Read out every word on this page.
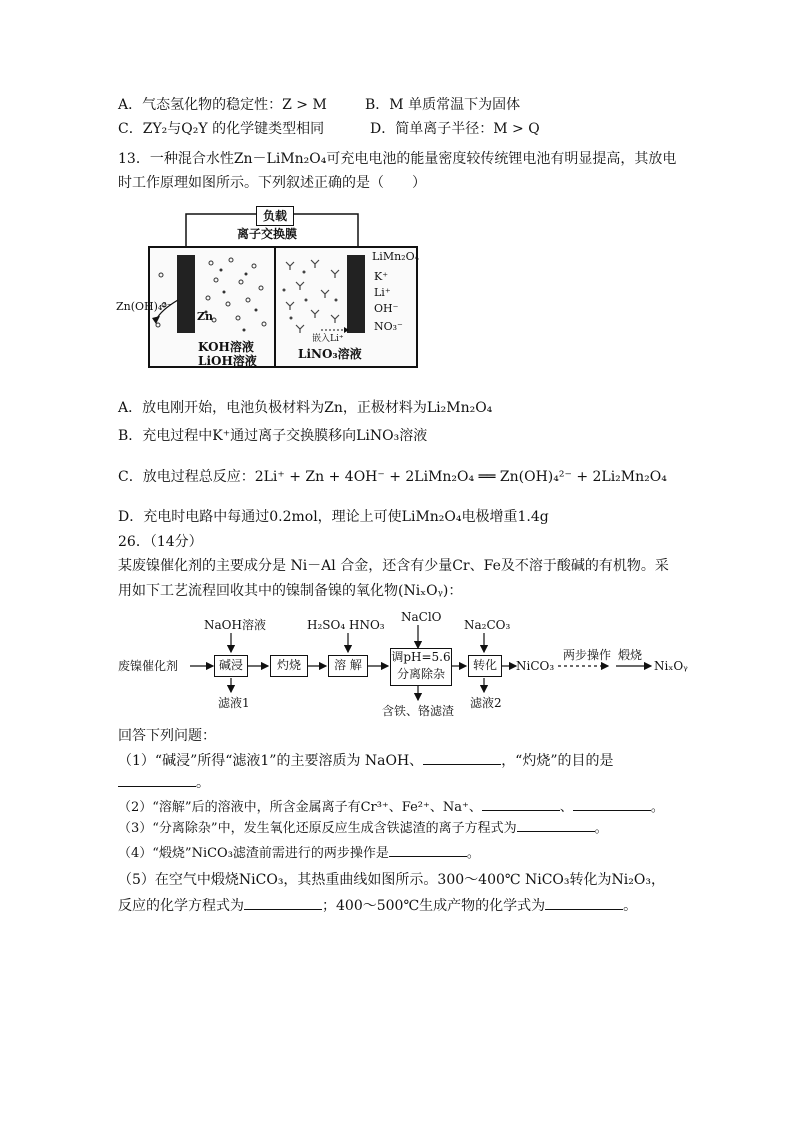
A．气态氢化物的稳定性：Z > M	B．M 单质常温下为固体
C．ZY₂与Q₂Y 的化学键类型相同	D．简单离子半径：M > Q
13．一种混合水性Zn－LiMn₂O₄可充电电池的能量密度较传统锂电池有明显提高，其放电
时工作原理如图所示。下列叙述正确的是（　　）
负载
离子交换膜
Zn
Zn(OH)₄²⁻
LiMn₂O₄
K⁺
Li⁺
OH⁻
NO₃⁻
嵌入Li⁺
KOH溶液
LiOH溶液	LiNO₃溶液
A．放电刚开始，电池负极材料为Zn，正极材料为Li₂Mn₂O₄
B．充电过程中K⁺通过离子交换膜移向LiNO₃溶液
C．放电过程总反应：2Li⁺ + Zn + 4OH⁻ + 2LiMn₂O₄ ══ Zn(OH)₄²⁻ + 2Li₂Mn₂O₄
D．充电时电路中每通过0.2mol，理论上可使LiMn₂O₄电极增重1.4g
26．（14分）
某废镍催化剂的主要成分是 Ni－Al 合金，还含有少量Cr、Fe及不溶于酸碱的有机物。采
用如下工艺流程回收其中的镍制备镍的氧化物(NiₓOᵧ)：
废镍催化剂	碱浸	灼烧	溶 解
调pH=5.6
分离除杂
转化
NaOH溶液	H₂SO₄ HNO₃
NaClO
Na₂CO₃
滤液1
含铁、铬滤渣
滤液2
NiCO₃
两步操作 煅烧
NiₓOᵧ
回答下列问题：
（1）“碱浸”所得“滤液1”的主要溶质为 NaOH、	，“灼烧”的目的是
。
（2）“溶解”后的溶液中，所含金属离子有Cr³⁺、Fe²⁺、Na⁺、	、	。
（3）“分离除杂”中，发生氧化还原反应生成含铁滤渣的离子方程式为	。
（4）“煅烧”NiCO₃滤渣前需进行的两步操作是	。
（5）在空气中煅烧NiCO₃，其热重曲线如图所示。300～400℃ NiCO₃转化为Ni₂O₃，
反应的化学方程式为	；400～500℃生成产物的化学式为	。
